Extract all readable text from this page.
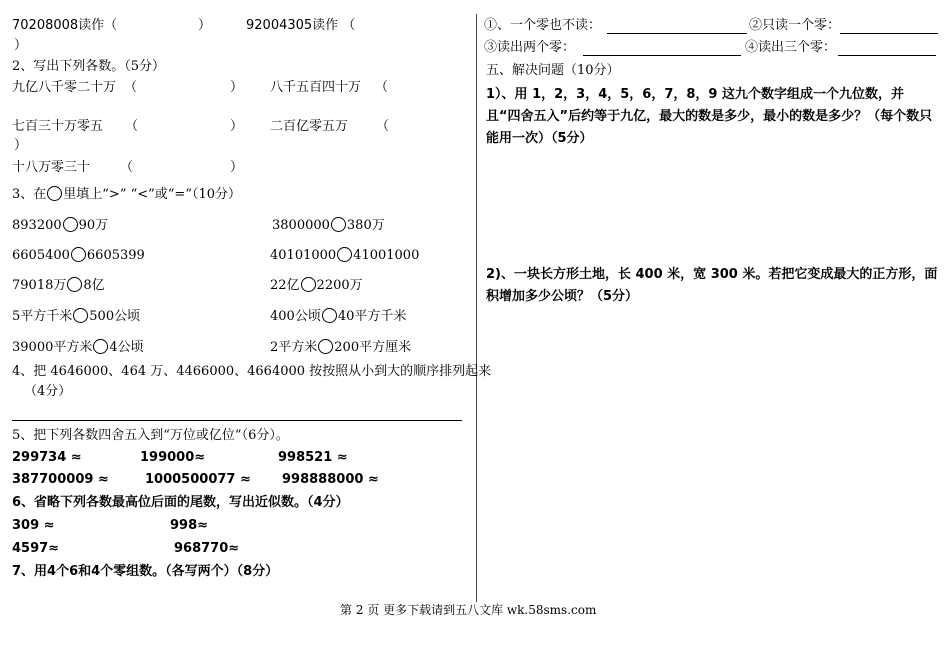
70208008读作（	）	92004305读作 （
）
2、写出下列各数。（5分）
九亿八千零二十万 （	） 八千五百四十万 （
七百三十万零五 （	） 二百亿零五万 （
）
十八万零三十 （	）
3、在 里填上“>” “<”或“=”（10分）
893200 90万	3800000 380万
6605400 6605399	40101000 41001000
79018万 8亿	22亿 2200万
5平方千米 500公顷	400公顷 40平方千米
39000平方米 4公顷	2平方米 200平方厘米
4、把 4646000、464 万、4466000、4664000 按按照从小到大的顺序排列起来
（4分）
5、把下列各数四舍五入到“万位或亿位”（6分）。
299734 ≈	199000≈	998521 ≈
387700009 ≈	1000500077 ≈ 998888000 ≈
6、省略下列各数最高位后面的尾数，写出近似数。（4分）
309 ≈	998≈
4597≈	968770≈
7、用4个6和4个零组数。（各写两个）（8分）
①、一个零也不读：	②只读一个零：
③读出两个零：	④读出三个零：
五、解决问题（10分）
1）、用 1，2，3，4，5，6，7，8，9 这九个数字组成一个九位数，并且“四舍五入”后约等于九亿，最大的数是多少，最小的数是多少？（每个数只能用一次）（5分）
2)、一块长方形土地，长 400 米，宽 300 米。若把它变成最大的正方形，面积增加多少公顷？（5分）
第 2 页 更多下载请到五八文库 wk.58sms.com
